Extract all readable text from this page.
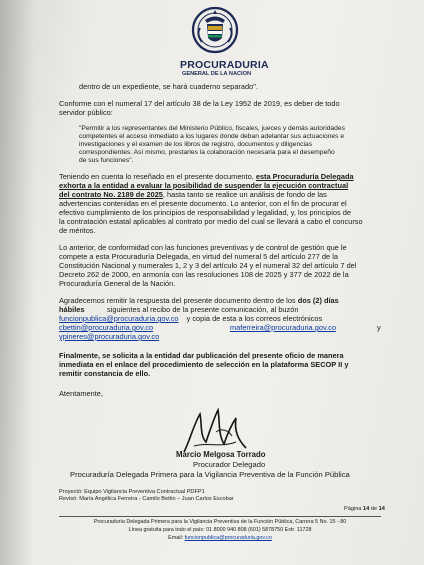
PROCURADURIA
GENERAL DE LA NACION
dentro de un expediente, se hará cuaderno separado".
Conforme con el numeral 17 del artículo 38 de la Ley 1952 de 2019, es deber de todo
servidor público:
"Permitir a los representantes del Ministerio Público, fiscales, jueces y demás autoridades
competentes el acceso inmediato a los lugares donde deban adelantar sus actuaciones e
investigaciones y el examen de los libros de registro, documentos y diligencias
correspondientes. Así mismo, prestarles la colaboración necesaria para el desempeño
de sus funciones".
Teniendo en cuenta lo reseñado en el presente documento, esta Procuraduría Delegada
exhorta a la entidad a evaluar la posibilidad de suspender la ejecución contractual
del contrato No. 2189 de 2025, hasta tanto se realice un análisis de fondo de las
advertencias contenidas en el presente documento. Lo anterior, con el fin de procurar el
efectivo cumplimiento de los principios de responsabilidad y legalidad, y, los principios de
la contratación estatal aplicables al contrato por medio del cual se llevará a cabo el concurso
de méritos.
Lo anterior, de conformidad con las funciones preventivas y de control de gestión que le
compete a esta Procuraduría Delegada, en virtud del numeral 5 del artículo 277 de la
Constitución Nacional y numerales 1, 2 y 3 del artículo 24 y el numeral 32 del artículo 7 del
Decreto 262 de 2000, en armonía con las resoluciones 108 de 2025 y 377 de 2022 de la
Procuraduría General de la Nación.
Agradecemos remitir la respuesta del presente documento dentro de los dos (2) días
hábiles	siguientes al recibo de la presente comunicación, al buzón
funcionpublica@procuraduria.gov.co y copia de esta a los correos electrónicos
cbettin@procuraduria.gov.co	maferreira@procuraduria.gov.co	y
ypineres@procuraduria.gov.co
Finalmente, se solicita a la entidad dar publicación del presente oficio de manera
inmediata en el enlace del procedimiento de selección en la plataforma SECOP II y
remitir constancia de ello.
Atentamente,
Marcio Melgosa Torrado
Procurador Delegado
Procuraduría Delegada Primera para la Vigilancia Preventiva de la Función Pública
Proyectó: Equipo Vigilancia Preventiva Contractual PDFP1
Revisó: María Angélica Ferreira - Camilo Bettin – Juan Carlos Escobar
Página 14 de 14
Procuraduría Delegada Primera para la Vigilancia Preventiva de la Función Pública, Carrera 5 No. 15 - 80
Línea gratuita para todo el país: 01 8000 940 808 (601) 5878750 Extr. 11728
Email: funcionpublica@procuraduria.gov.co
